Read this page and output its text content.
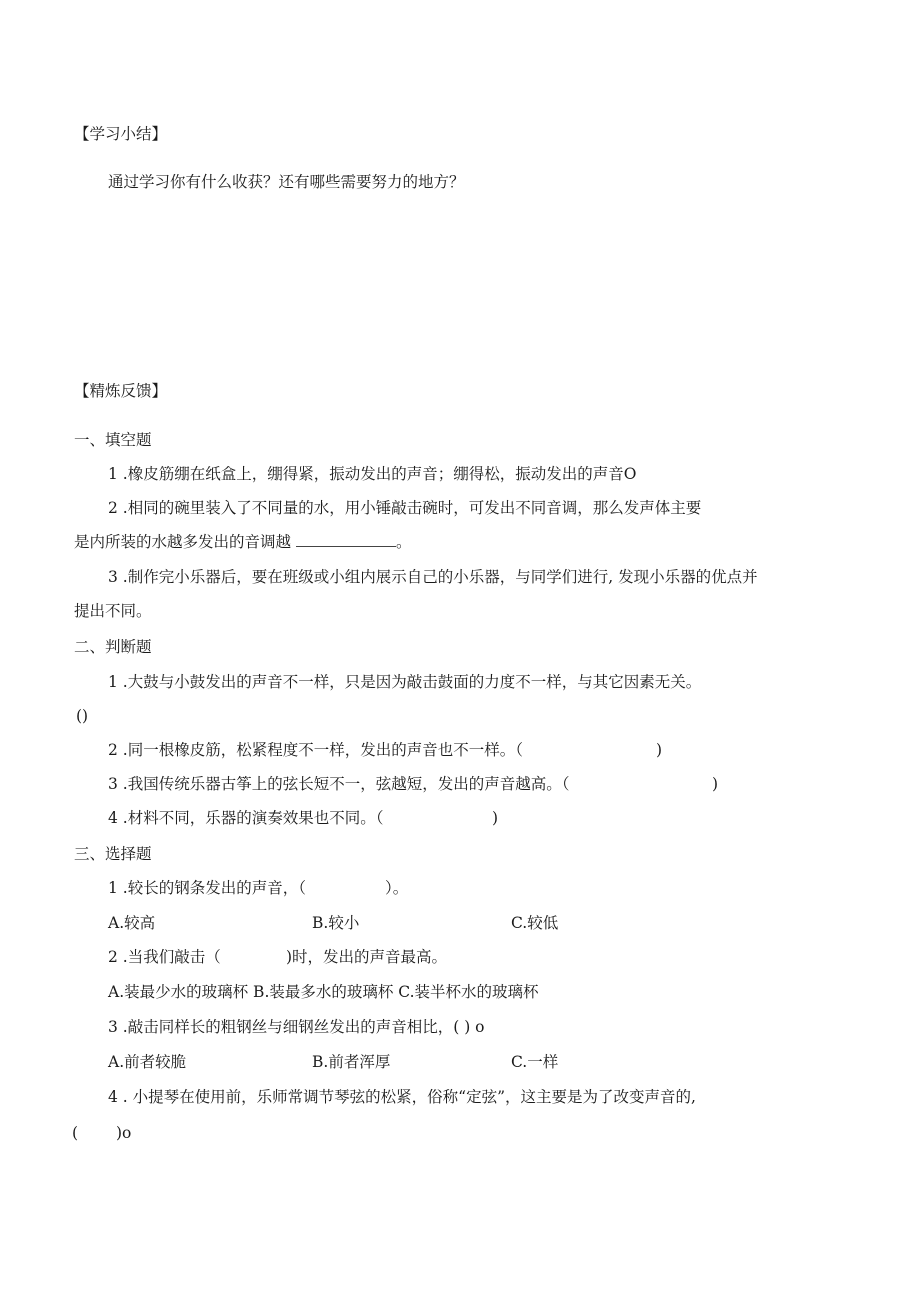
【学习小结】
通过学习你有什么收获？还有哪些需要努力的地方？
【精炼反馈】
一、填空题
1 .橡皮筋绷在纸盒上，绷得紧，振动发出的声音；绷得松，振动发出的声音O
2 .相同的碗里装入了不同量的水，用小锤敲击碗时，可发出不同音调，那么发声体主要
是内所装的水越多发出的音调越	。
3 .制作完小乐器后，要在班级或小组内展示自己的小乐器，与同学们进行, 发现小乐器的优点并
提出不同。
二、判断题
1 .大鼓与小鼓发出的声音不一样，只是因为敲击鼓面的力度不一样，与其它因素无关。
()
2 .同一根橡皮筋，松紧程度不一样，发出的声音也不一样。（	)
3 .我国传统乐器古筝上的弦长短不一，弦越短，发出的声音越高。（	)
4 .材料不同，乐器的演奏效果也不同。（	)
三、选择题
1 .较长的钢条发出的声音，（	）。
A.较高	B.较小	C.较低
2 .当我们敲击（	)时，发出的声音最高。
A.装最少水的玻璃杯 B.装最多水的玻璃杯 C.装半杯水的玻璃杯
3 .敲击同样长的粗钢丝与细钢丝发出的声音相比，( ) o
A.前者较脆	B.前者浑厚	C.一样
4 . 小提琴在使用前，乐师常调节琴弦的松紧，俗称“定弦”，这主要是为了改变声音的,
( )o
